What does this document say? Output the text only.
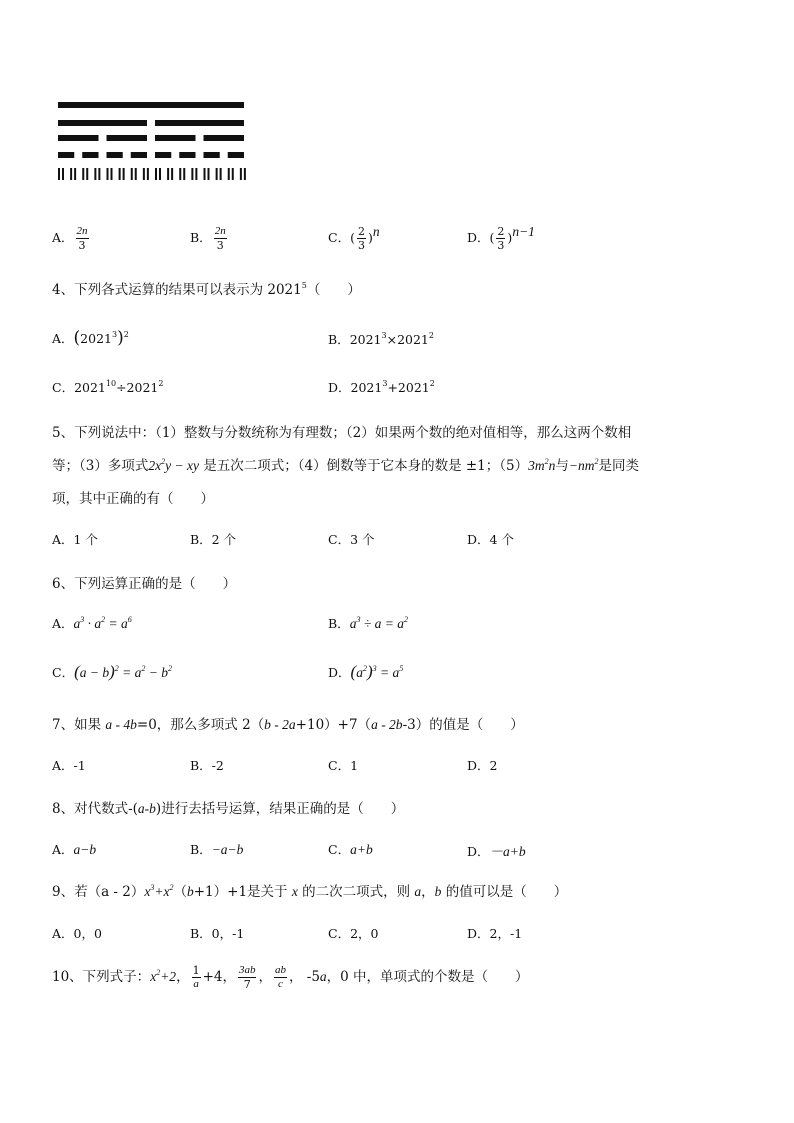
A． $\frac{2n}{3}$	B． $\frac{2n}{3}$	C．( $\frac{2}{3} )^n$	D．( $\frac{2}{3} )^{n-1}$
4、下列各式运算的结果可以表示为 2021$^5$（　　）
A．$(2021^3)^2$	B．$2021^3\times 2021^2$
C．$2021^{10}\div 2021^2$	D．$2021^3+2021^2$
5、下列说法中：（1）整数与分数统称为有理数；（2）如果两个数的绝对值相等，那么这两个数相
等；（3）多项式$2x^2y$ − xy 是五次二项式；（4）倒数等于它本身的数是 ±1；$(5)3m^2n$与$-nm^2$是同类
项，其中正确的有（　　）
A．1 个	B．2 个	C．3 个	D．4 个
6、下列运算正确的是（　　）
A．$a^3 \cdot a^2 = a^6$	B．$a^3 \div a = a^2$
C．$(a - b)^2 = a^2 - b^2$	D．$(a^2)^3 = a^5$
7、如果 a - 4b=0，那么多项式 2（b - 2a+10）+7（a - 2b-3）的值是（　　）
A．-1	B．-2	C．1	D．2
8、对代数式-(a-b)进行去括号运算，结果正确的是（　　）
A．a−b	B．−a−b	C．a+b	D．－a+b
9、若$(a - 2)x^3+x^2(b+1)+1$是关于 x 的二次二项式，则 a，b 的值可以是（　　）
A．0，0	B．0，-1	C．2，0	D．2，-1
10、下列式子：$x^2+2$， $\frac{1}{a} +4$， $\frac{3ab}{7}$ ， $\frac{ab}{c}$ ， -5a，0 中，单项式的个数是（　　）
